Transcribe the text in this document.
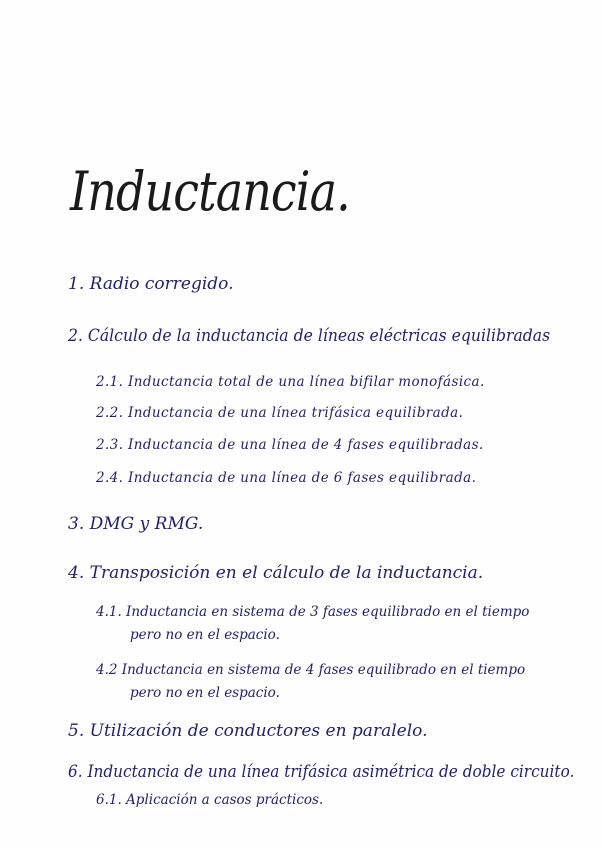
Inductancia.
1. Radio corregido.
2. Cálculo de la inductancia de líneas eléctricas equilibradas
2.1. Inductancia total de una línea bifilar monofásica.
2.2. Inductancia de una línea trifásica equilibrada.
2.3. Inductancia de una línea de 4 fases equilibradas.
2.4. Inductancia de una línea de 6 fases equilibrada.
3. DMG y RMG.
4. Transposición en el cálculo de la inductancia.
4.1. Inductancia en sistema de 3 fases equilibrado en el tiempo
pero no en el espacio.
4.2 Inductancia en sistema de 4 fases equilibrado en el tiempo
pero no en el espacio.
5. Utilización de conductores en paralelo.
6. Inductancia de una línea trifásica asimétrica de doble circuito.
6.1. Aplicación a casos prácticos.
